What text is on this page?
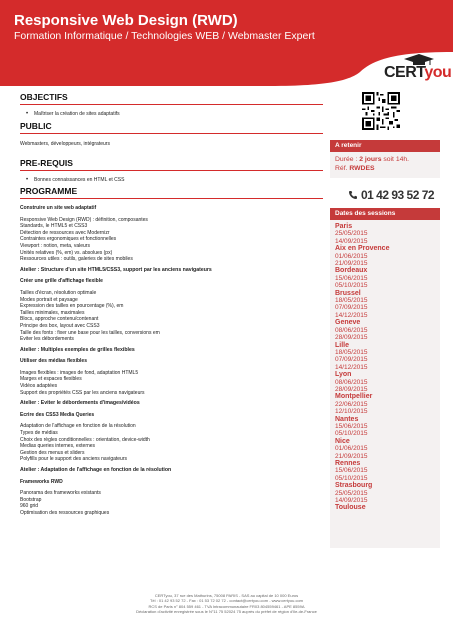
Responsive Web Design (RWD)
Formation Informatique / Technologies WEB / Webmaster Expert
CERTyou
OBJECTIFS
• Maîtriser la création de sites adaptatifs
PUBLIC
Webmasters, développeurs, intégrateurs
PRE-REQUIS
• Bonnes connaissances en HTML et CSS
PROGRAMME
Construire un site web adaptatif
Responsive Web Design (RWD) : définition, composantes
Standards, le HTML5 et CSS3
Détection de ressources avec Modernizr
Contraintes ergonomiques et fonctionnelles
Viewport : notion, meta, valeurs
Unités relatives (%, em) vs. absolues (px)
Ressources utiles : outils, galeries de sites mobiles
Atelier : Structure d'un site HTML5/CSS3, support par les anciens navigateurs
Créer une grille d'affichage flexible
Tailles d'écran, résolution optimale
Modes portrait et paysage
Expression des tailles en pourcentage (%), em
Tailles minimales, maximales
Blocs, approche contenu/contenant
Principe des box, layout avec CSS3
Taille des fonts : fixer une base pour les tailles, conversions em
Eviter les débordements
Atelier : Multiples exemples de grilles flexibles
Utiliser des médias flexibles
Images flexibles : images de fond, adaptation HTML5
Marges et espaces flexibles
Vidéos adaptées
Support des propriétés CSS par les anciens navigateurs
Atelier : Eviter le débordements d'images/vidéos
Ecrire des CSS3 Media Queries
Adaptation de l'affichage en fonction de la résolution
Types de médias
Choix des règles conditionnelles : orientation, device-width
Medias queries internes, externes
Gestion des menus et sliders
Polyfills pour le support des anciens navigateurs
Atelier : Adaptation de l'affichage en fonction de la résolution
Frameworks RWD
Panorama des frameworks existants
Bootstrap
960 grid
Optimisation des ressources graphiques
A retenir
Durée : 2 jours soit 14h.
Réf. RWDES
01 42 93 52 72
Dates des sessions
Paris
25/05/2015
14/09/2015
Aix en Provence
01/06/2015
21/09/2015
Bordeaux
15/06/2015
05/10/2015
Brussel
18/05/2015
07/09/2015
14/12/2015
Geneve
08/06/2015
28/09/2015
Lille
18/05/2015
07/09/2015
14/12/2015
Lyon
08/06/2015
28/09/2015
Montpellier
22/06/2015
12/10/2015
Nantes
15/06/2015
05/10/2015
Nice
01/06/2015
21/09/2015
Rennes
15/06/2015
05/10/2015
Strasbourg
25/05/2015
14/09/2015
Toulouse
CERTyou, 37 rue des Mathurins, 75008 PARIS - SAS au capital de 10 000 Euros
Tél : 01 42 93 52 72 - Fax : 01 53 72 02 72 - contact@certyou.com - www.certyou.com
RCS de Paris n° 804 559 461 - TVA Intracommunautaire FR03 804559461 - APE 8559A
Déclaration d'activité enregistrée sous le N°11 75 52024 75 auprès du préfet de région d'Ile-de-France
